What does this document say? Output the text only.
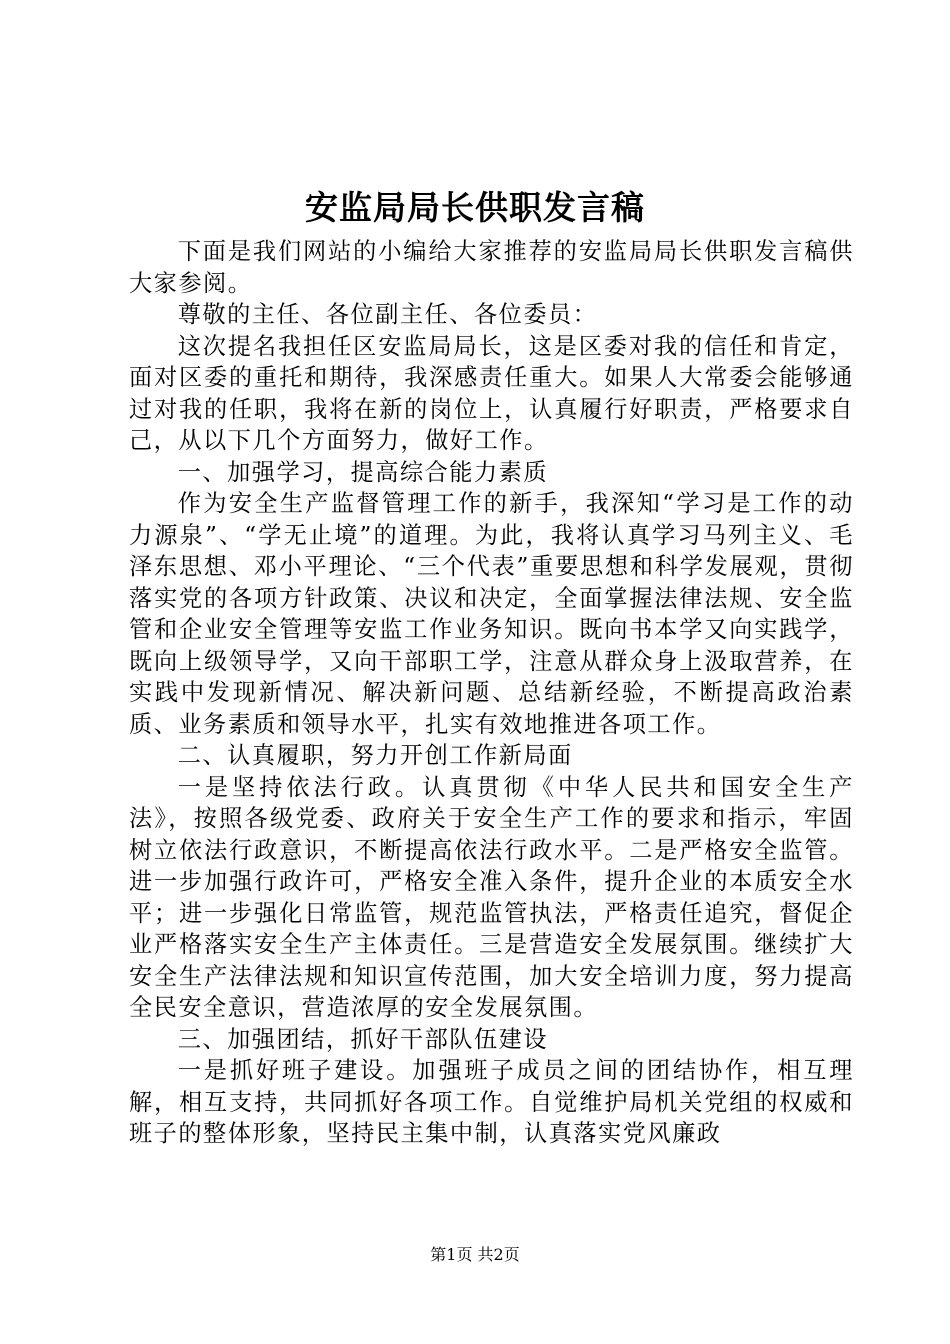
安监局局长供职发言稿

下面是我们网站的小编给大家推荐的安监局局长供职发言稿供大家参阅。

尊敬的主任、各位副主任、各位委员：

这次提名我担任区安监局局长，这是区委对我的信任和肯定，面对区委的重托和期待，我深感责任重大。如果人大常委会能够通过对我的任职，我将在新的岗位上，认真履行好职责，严格要求自己，从以下几个方面努力，做好工作。

一、加强学习，提高综合能力素质

作为安全生产监督管理工作的新手，我深知“学习是工作的动力源泉”、“学无止境”的道理。为此，我将认真学习马列主义、毛泽东思想、邓小平理论、“三个代表”重要思想和科学发展观，贯彻落实党的各项方针政策、决议和决定，全面掌握法律法规、安全监管和企业安全管理等安监工作业务知识。既向书本学又向实践学，既向上级领导学，又向干部职工学，注意从群众身上汲取营养，在实践中发现新情况、解决新问题、总结新经验，不断提高政治素质、业务素质和领导水平，扎实有效地推进各项工作。

二、认真履职，努力开创工作新局面

一是坚持依法行政。认真贯彻《中华人民共和国安全生产法》，按照各级党委、政府关于安全生产工作的要求和指示，牢固树立依法行政意识，不断提高依法行政水平。二是严格安全监管。进一步加强行政许可，严格安全准入条件，提升企业的本质安全水平；进一步强化日常监管，规范监管执法，严格责任追究，督促企业严格落实安全生产主体责任。三是营造安全发展氛围。继续扩大安全生产法律法规和知识宣传范围，加大安全培训力度，努力提高全民安全意识，营造浓厚的安全发展氛围。

三、加强团结，抓好干部队伍建设

一是抓好班子建设。加强班子成员之间的团结协作，相互理解，相互支持，共同抓好各项工作。自觉维护局机关党组的权威和班子的整体形象，坚持民主集中制，认真落实党风廉政

第1页 共2页
